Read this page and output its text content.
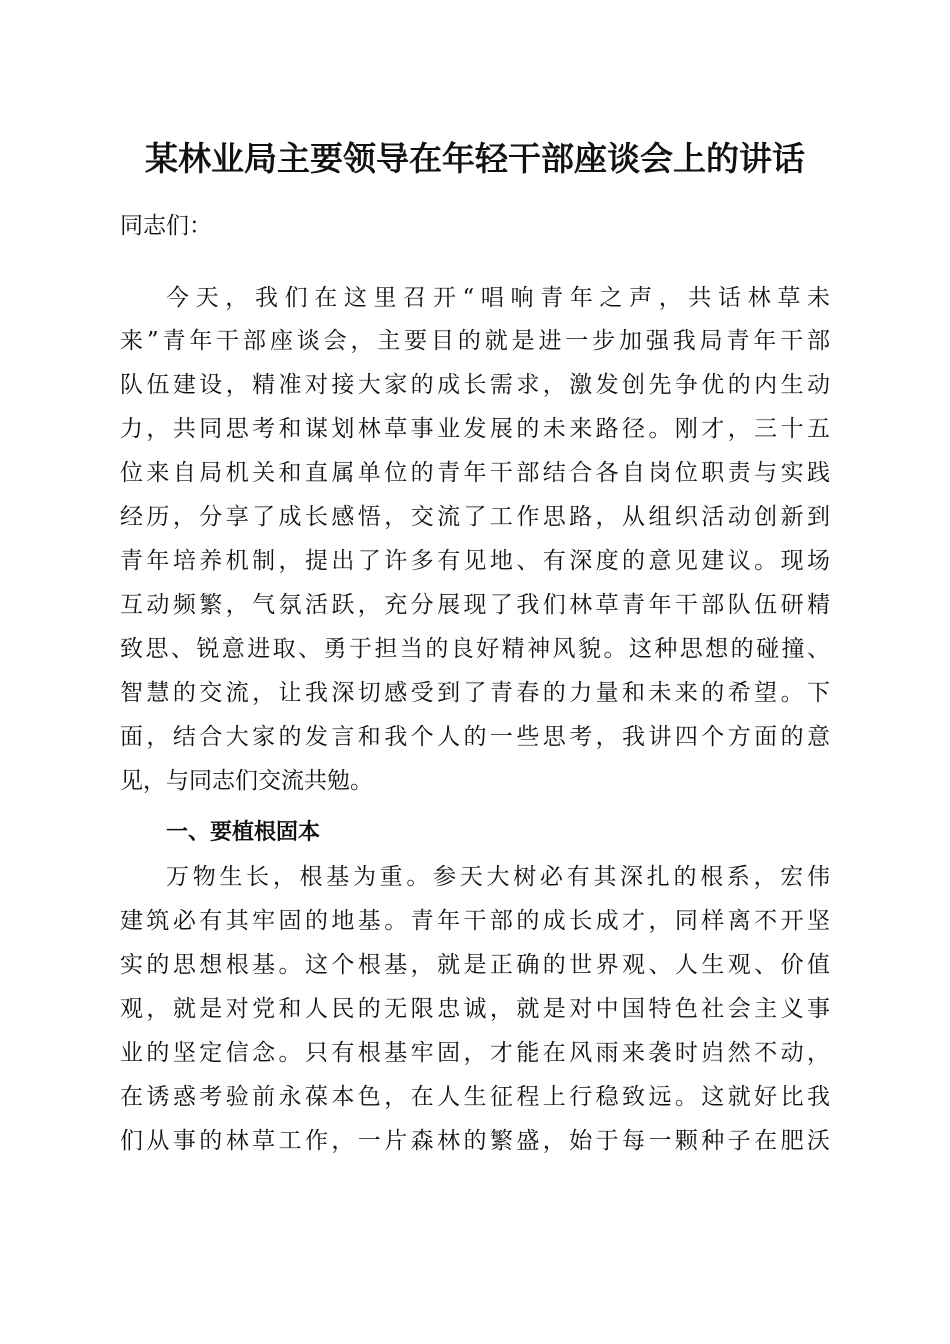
某林业局主要领导在年轻干部座谈会上的讲话
同志们：
今天，我们在这里召开“唱响青年之声，共话林草未
来”青年干部座谈会，主要目的就是进一步加强我局青年干部
队伍建设，精准对接大家的成长需求，激发创先争优的内生动
力，共同思考和谋划林草事业发展的未来路径。刚才，三十五
位来自局机关和直属单位的青年干部结合各自岗位职责与实践
经历，分享了成长感悟，交流了工作思路，从组织活动创新到
青年培养机制，提出了许多有见地、有深度的意见建议。现场
互动频繁，气氛活跃，充分展现了我们林草青年干部队伍研精
致思、锐意进取、勇于担当的良好精神风貌。这种思想的碰撞、
智慧的交流，让我深切感受到了青春的力量和未来的希望。下
面，结合大家的发言和我个人的一些思考，我讲四个方面的意
见，与同志们交流共勉。
一、要植根固本
万物生长，根基为重。参天大树必有其深扎的根系，宏伟
建筑必有其牢固的地基。青年干部的成长成才，同样离不开坚
实的思想根基。这个根基，就是正确的世界观、人生观、价值
观，就是对党和人民的无限忠诚，就是对中国特色社会主义事
业的坚定信念。只有根基牢固，才能在风雨来袭时岿然不动，
在诱惑考验前永葆本色，在人生征程上行稳致远。这就好比我
们从事的林草工作，一片森林的繁盛，始于每一颗种子在肥沃
